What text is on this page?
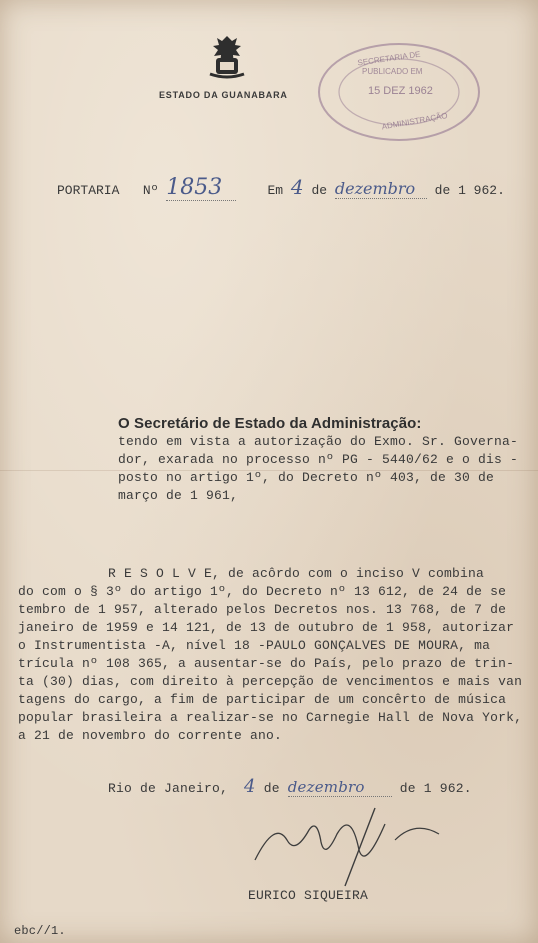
ESTADO DA GUANABARA
SECRETARIA DE
PUBLICADO EM
15 DEZ 1962
ADMINISTRAÇÃO
PORTARIA Nº 1853	Em 4 de dezembro de 1 962.
O Secretário de Estado da Administração:
tendo em vista a autorização do Exmo. Sr. Governa-
dor, exarada no processo nº PG - 5440/62 e o dis -
posto no artigo 1º, do Decreto nº 403, de 30 de
março de 1 961,
R E S O L V E, de acôrdo com o inciso V combina
do com o § 3º do artigo 1º, do Decreto nº 13 612, de 24 de se
tembro de 1 957, alterado pelos Decretos nos. 13 768, de 7 de
janeiro de 1959 e 14 121, de 13 de outubro de 1 958, autorizar
o Instrumentista -A, nível 18 -PAULO GONÇALVES DE MOURA, ma
trícula nº 108 365, a ausentar-se do País, pelo prazo de trin-
ta (30) dias, com direito à percepção de vencimentos e mais van
tagens do cargo, a fim de participar de um concêrto de música
popular brasileira a realizar-se no Carnegie Hall de Nova York,
a 21 de novembro do corrente ano.
Rio de Janeiro, 4 de dezembro	de 1 962.
EURICO SIQUEIRA
ebc//1.
